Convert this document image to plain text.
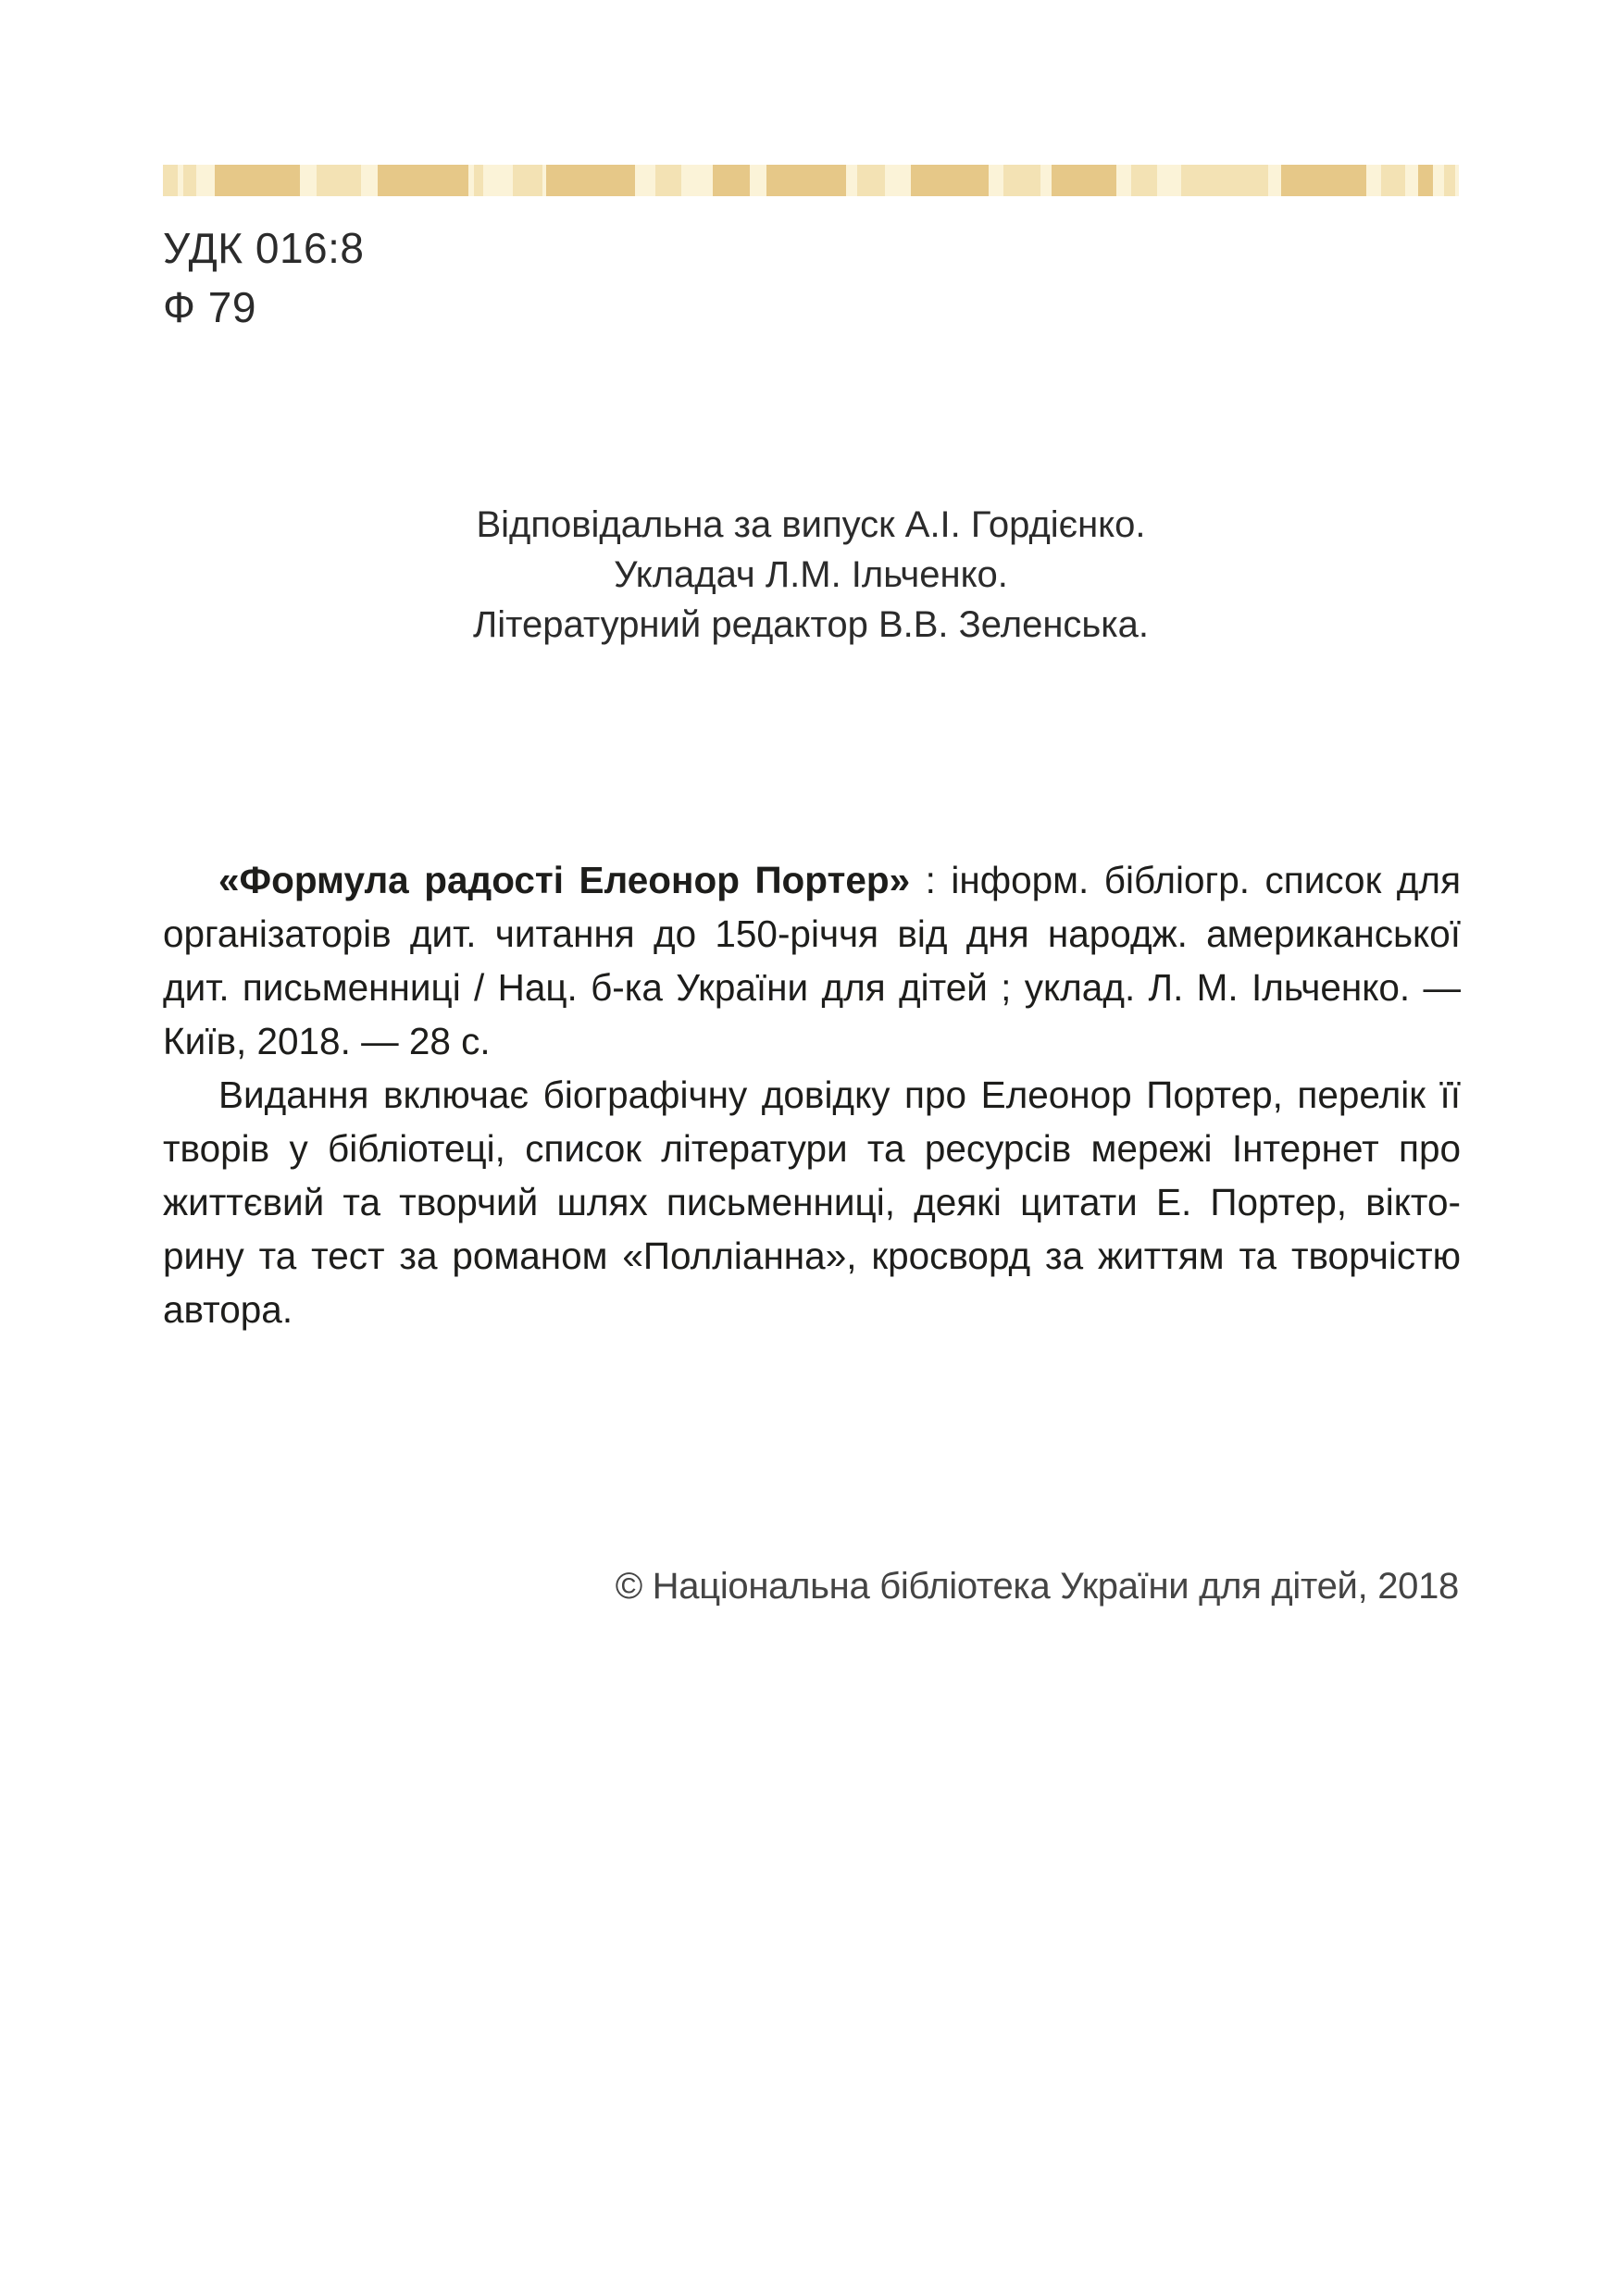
УДК 016:8
Ф 79
Відповідальна за випуск А.І. Гордієнко.
Укладач Л.М. Ільченко.
Літературний редактор В.В. Зеленська.

«Формула радості Елеонор Портер» : інформ. бібліогр. список для організаторів дит. читання до 150-річчя від дня народж. американської дит. письменниці / Нац. б-ка України для дітей ; уклад. Л. М. Ільченко. — Київ, 2018. — 28 с.

Видання включає біографічну довідку про Елеонор Портер, перелік її творів у бібліотеці, список літератури та ресурсів мережі Інтернет про життєвий та творчий шлях письменниці, деякі цитати Е. Портер, вікто-рину та тест за романом «Полліанна», кросворд за життям та творчістю автора.

© Національна бібліотека України для дітей, 2018
